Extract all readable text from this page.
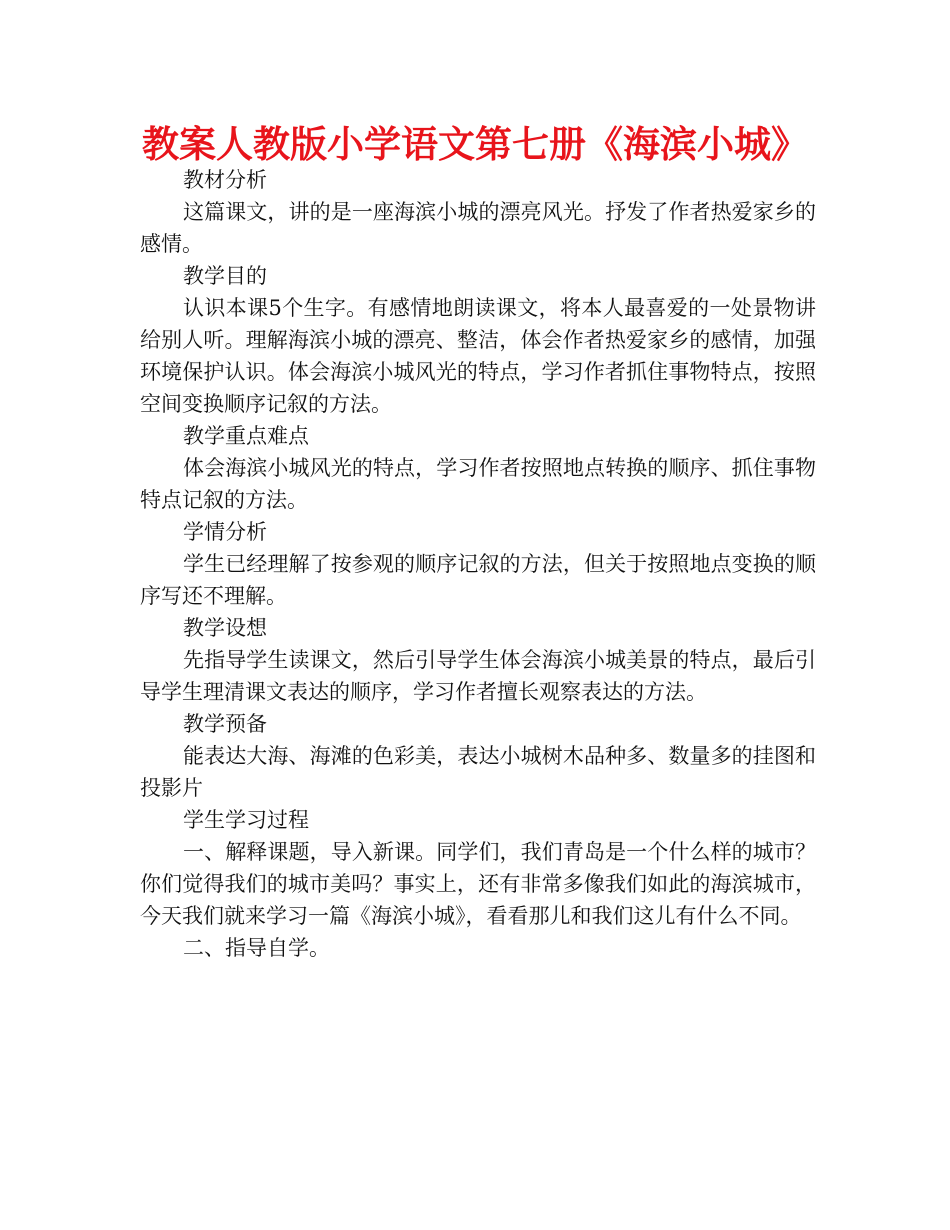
教案人教版小学语文第七册《海滨小城》

教材分析

这篇课文，讲的是一座海滨小城的漂亮风光。抒发了作者热爱家乡的感情。

教学目的

认识本课5个生字。有感情地朗读课文，将本人最喜爱的一处景物讲给别人听。理解海滨小城的漂亮、整洁，体会作者热爱家乡的感情，加强环境保护认识。体会海滨小城风光的特点，学习作者抓住事物特点，按照空间变换顺序记叙的方法。

教学重点难点

体会海滨小城风光的特点，学习作者按照地点转换的顺序、抓住事物特点记叙的方法。

学情分析

学生已经理解了按参观的顺序记叙的方法，但关于按照地点变换的顺序写还不理解。

教学设想

先指导学生读课文，然后引导学生体会海滨小城美景的特点，最后引导学生理清课文表达的顺序，学习作者擅长观察表达的方法。

教学预备

能表达大海、海滩的色彩美，表达小城树木品种多、数量多的挂图和投影片

学生学习过程

一、解释课题，导入新课。同学们，我们青岛是一个什么样的城市？你们觉得我们的城市美吗？事实上，还有非常多像我们如此的海滨城市，今天我们就来学习一篇《海滨小城》，看看那儿和我们这儿有什么不同。

二、指导自学。
